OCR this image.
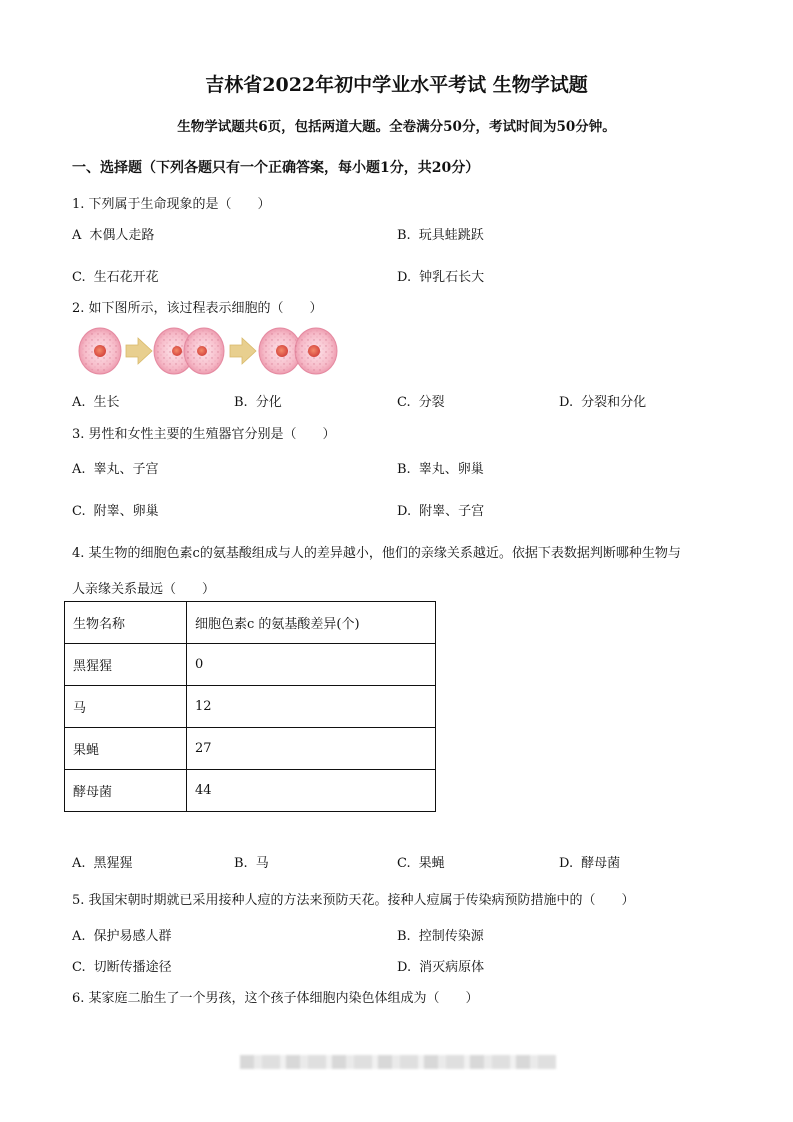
吉林省2022年初中学业水平考试 生物学试题
生物学试题共6页，包括两道大题。全卷满分50分，考试时间为50分钟。
一、选择题（下列各题只有一个正确答案，每小题1分，共20分）
1. 下列属于生命现象的是（　　）
A 木偶人走路	B. 玩具蛙跳跃
C. 生石花开花	D. 钟乳石长大
2. 如下图所示，该过程表示细胞的（　　）
A. 生长	B. 分化	C. 分裂	D. 分裂和分化
3. 男性和女性主要的生殖器官分别是（　　）
A. 睾丸、子宫	B. 睾丸、卵巢
C. 附睾、卵巢	D. 附睾、子宫
4. 某生物的细胞色素c的氨基酸组成与人的差异越小，他们的亲缘关系越近。依据下表数据判断哪种生物与
人亲缘关系最远（　　）
生物名称	细胞色素c 的氨基酸差异(个)
黑猩猩	0
马	12
果蝇	27
酵母菌	44
A. 黑猩猩	B. 马	C. 果蝇	D. 酵母菌
5. 我国宋朝时期就已采用接种人痘的方法来预防天花。接种人痘属于传染病预防措施中的（　　）
A. 保护易感人群	B. 控制传染源
C. 切断传播途径	D. 消灭病原体
6. 某家庭二胎生了一个男孩，这个孩子体细胞内染色体组成为（　　）
